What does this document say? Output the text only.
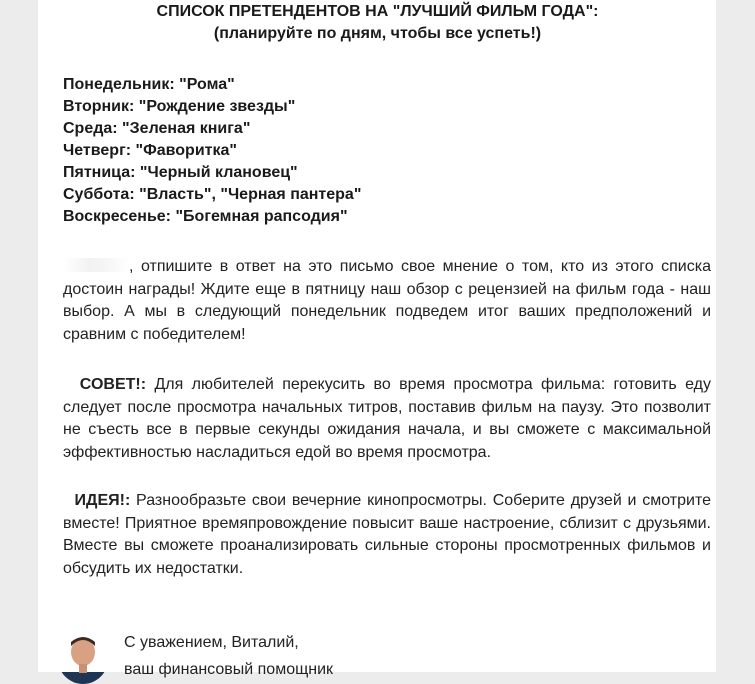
СПИСОК ПРЕТЕНДЕНТОВ НА "ЛУЧШИЙ ФИЛЬМ ГОДА":
(планируйте по дням, чтобы все успеть!)
Понедельник: "Рома"
Вторник: "Рождение звезды"
Среда: "Зеленая книга"
Четверг: "Фаворитка"
Пятница: "Черный клановец"
Суббота: "Власть", "Черная пантера"
Воскресенье: "Богемная рапсодия"
, отпишите в ответ на это письмо свое мнение о том, кто из этого списка достоин награды! Ждите еще в пятницу наш обзор с рецензией на фильм года - наш выбор. А мы в следующий понедельник подведем итог ваших предположений и сравним с победителем!
СОВЕТ!: Для любителей перекусить во время просмотра фильма: готовить еду следует после просмотра начальных титров, поставив фильм на паузу. Это позволит не съесть все в первые секунды ожидания начала, и вы сможете с максимальной эффективностью насладиться едой во время просмотра.
ИДЕЯ!: Разнообразьте свои вечерние кинопросмотры. Соберите друзей и смотрите вместе! Приятное времяпровождение повысит ваше настроение, сблизит с друзьями. Вместе вы сможете проанализировать сильные стороны просмотренных фильмов и обсудить их недостатки.
С уважением, Виталий,
ваш финансовый помощник
